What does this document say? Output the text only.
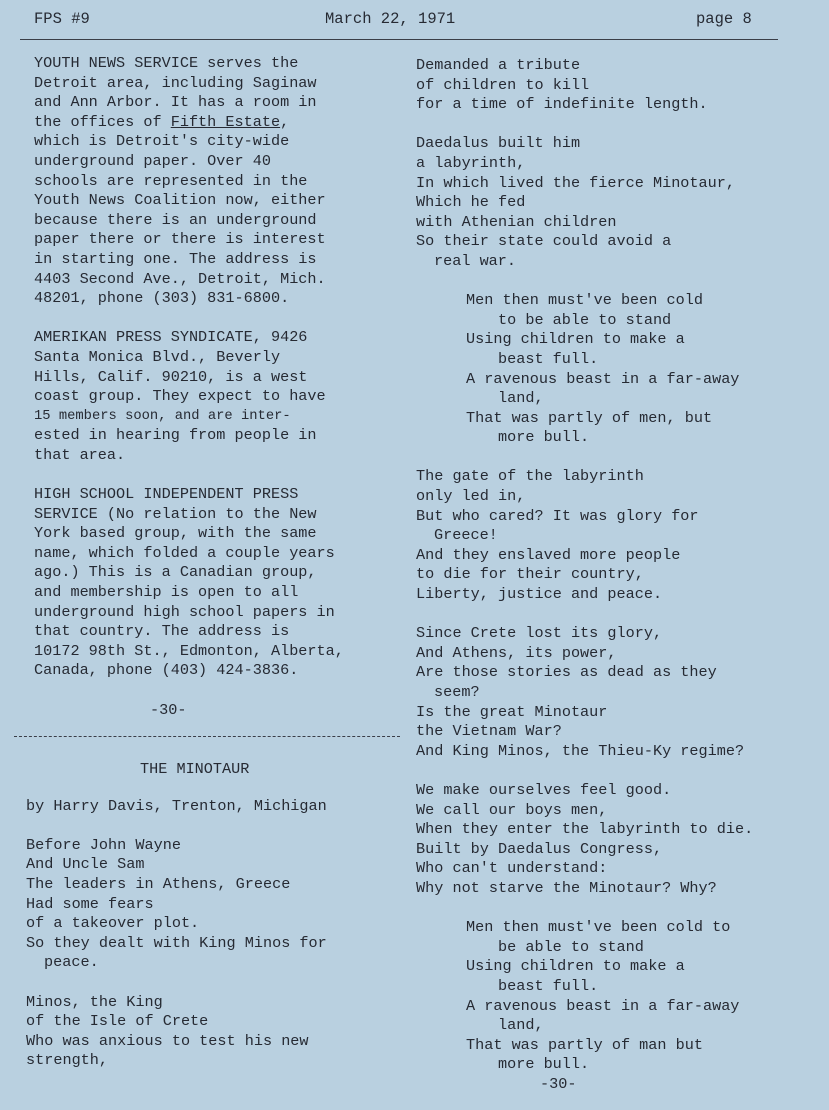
FPS #9	March 22, 1971	page 8

YOUTH NEWS SERVICE serves the

Detroit area, including Saginaw

and Ann Arbor. It has a room in

the offices of Fifth Estate,

which is Detroit's city-wide

underground paper. Over 40

schools are represented in the

Youth News Coalition now, either

because there is an underground

paper there or there is interest

in starting one. The address is

4403 Second Ave., Detroit, Mich.

48201, phone (303) 831-6800.

AMERIKAN PRESS SYNDICATE, 9426

Santa Monica Blvd., Beverly

Hills, Calif. 90210, is a west

coast group. They expect to have

15 members soon, and are inter-

ested in hearing from people in

that area.

HIGH SCHOOL INDEPENDENT PRESS

SERVICE (No relation to the New

York based group, with the same

name, which folded a couple years

ago.) This is a Canadian group,

and membership is open to all

underground high school papers in

that country. The address is

10172 98th St., Edmonton, Alberta,

Canada, phone (403) 424-3836.

-30-

THE MINOTAUR

by Harry Davis, Trenton, Michigan

Before John Wayne

And Uncle Sam

The leaders in Athens, Greece

Had some fears

of a takeover plot.

So they dealt with King Minos for

peace.

Minos, the King

of the Isle of Crete

Who was anxious to test his new

strength,

Demanded a tribute

of children to kill

for a time of indefinite length.

Daedalus built him

a labyrinth,

In which lived the fierce Minotaur,

Which he fed

with Athenian children

So their state could avoid a

real war.

Men then must've been cold

to be able to stand

Using children to make a

beast full.

A ravenous beast in a far-away

land,

That was partly of men, but

more bull.

The gate of the labyrinth

only led in,

But who cared? It was glory for

Greece!

And they enslaved more people

to die for their country,

Liberty, justice and peace.

Since Crete lost its glory,

And Athens, its power,

Are those stories as dead as they

seem?

Is the great Minotaur

the Vietnam War?

And King Minos, the Thieu-Ky regime?

We make ourselves feel good.

We call our boys men,

When they enter the labyrinth to die.

Built by Daedalus Congress,

Who can't understand:

Why not starve the Minotaur? Why?

Men then must've been cold to

be able to stand

Using children to make a

beast full.

A ravenous beast in a far-away

land,

That was partly of man but

more bull.

-30-
